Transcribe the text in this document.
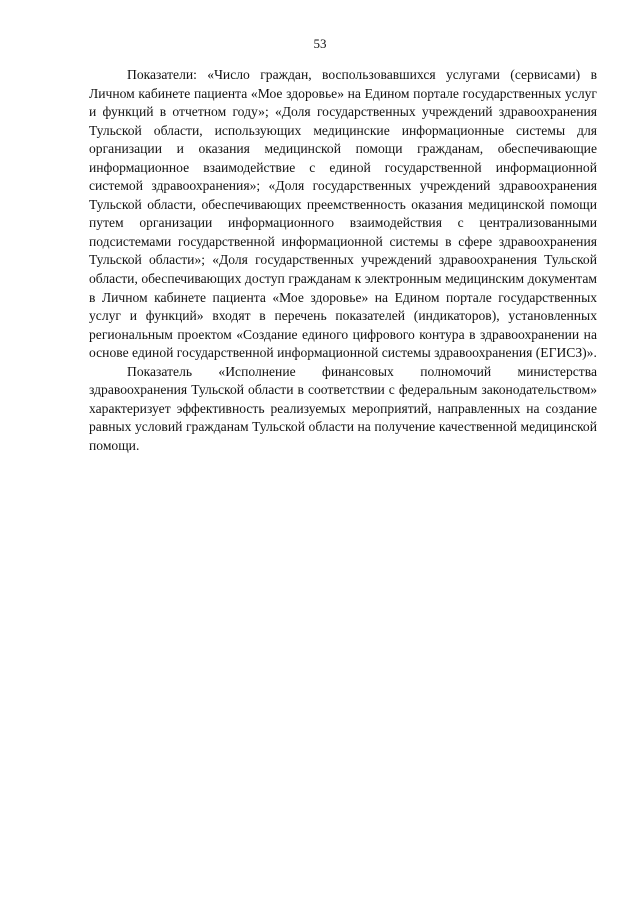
53

Показатели: «Число граждан, воспользовавшихся услугами (сервисами) в Личном кабинете пациента «Мое здоровье» на Едином портале государственных услуг и функций в отчетном году»; «Доля государственных учреждений здравоохранения Тульской области, использующих медицинские информационные системы для организации и оказания медицинской помощи гражданам, обеспечивающие информационное взаимодействие с единой государственной информационной системой здравоохранения»; «Доля государственных учреждений здравоохранения Тульской области, обеспечивающих преемственность оказания медицинской помощи путем организации информационного взаимодействия с централизованными подсистемами государственной информационной системы в сфере здравоохранения Тульской области»; «Доля государственных учреждений здравоохранения Тульской области, обеспечивающих доступ гражданам к электронным медицинским документам в Личном кабинете пациента «Мое здоровье» на Едином портале государственных услуг и функций» входят в перечень показателей (индикаторов), установленных региональным проектом «Создание единого цифрового контура в здравоохранении на основе единой государственной информационной системы здравоохранения (ЕГИСЗ)».

Показатель «Исполнение финансовых полномочий министерства здравоохранения Тульской области в соответствии с федеральным законодательством» характеризует эффективность реализуемых мероприятий, направленных на создание равных условий гражданам Тульской области на получение качественной медицинской помощи.
